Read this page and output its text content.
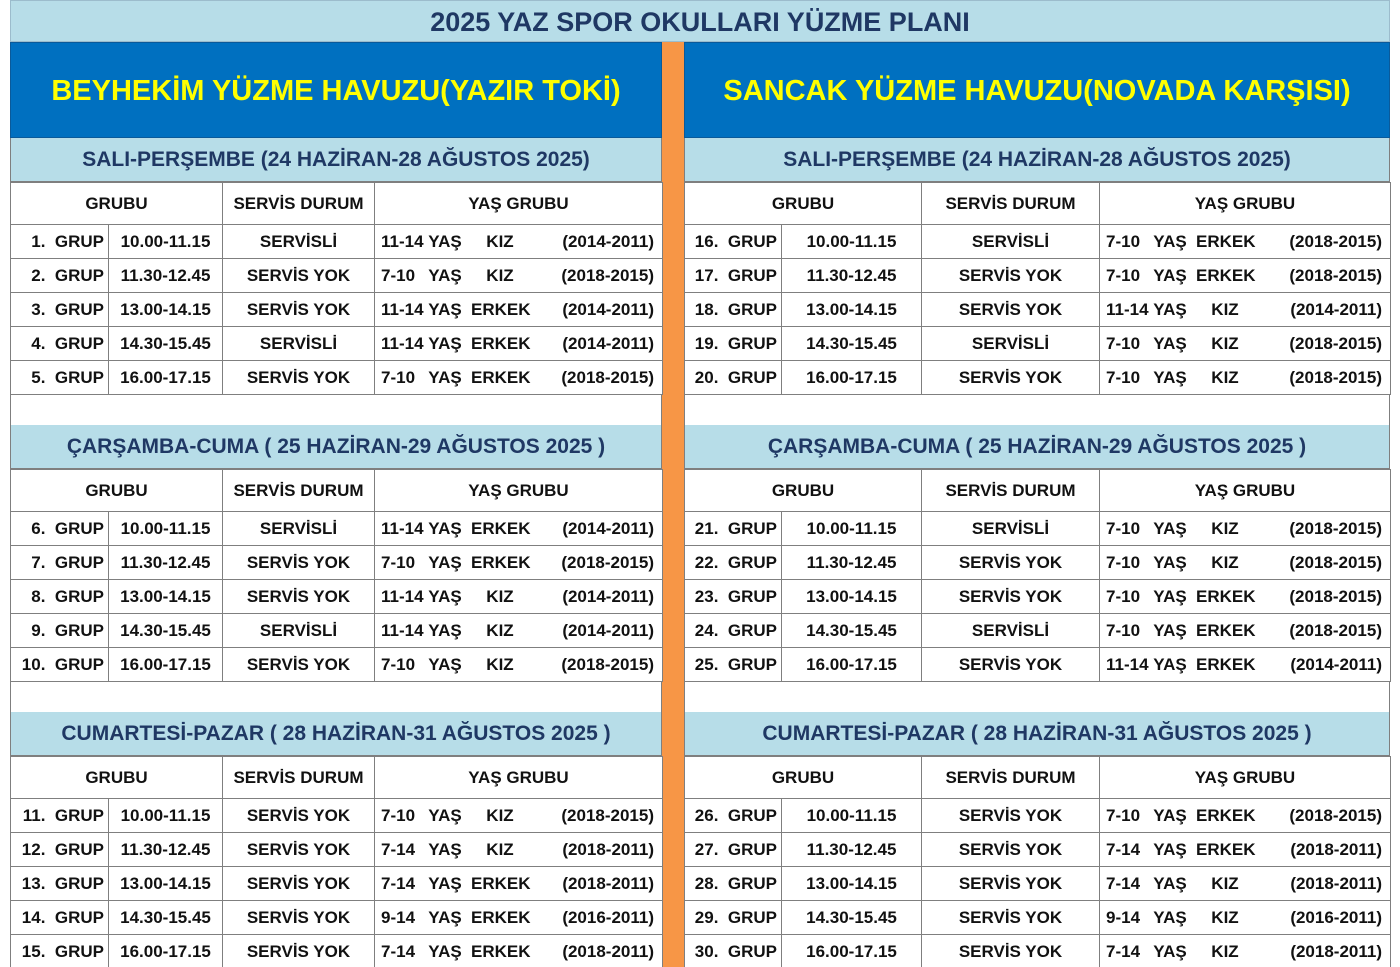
2025 YAZ SPOR OKULLARI YÜZME PLANI
BEYHEKİM YÜZME HAVUZU(YAZIR TOKİ)
SALI-PERŞEMBE (24 HAZİRAN-28 AĞUSTOS 2025)
GRUBU		SERVİS DURUM	YAŞ GRUBU
1. GRUP	10.00-11.15	SERVİSLİ	11-14 YAŞ KIZ (2014-2011)

2. GRUP	11.30-12.45	SERVİS YOK	7-10 YAŞ KIZ (2018-2015)

3. GRUP	13.00-14.15	SERVİS YOK	11-14 YAŞ ERKEK (2014-2011)

4. GRUP	14.30-15.45	SERVİSLİ	11-14 YAŞ ERKEK (2014-2011)

5. GRUP	16.00-17.15	SERVİS YOK	7-10 YAŞ ERKEK (2018-2015)
ÇARŞAMBA-CUMA ( 25 HAZİRAN-29 AĞUSTOS 2025 )
GRUBU		SERVİS DURUM	YAŞ GRUBU
6. GRUP	10.00-11.15	SERVİSLİ	11-14 YAŞ ERKEK (2014-2011)

7. GRUP	11.30-12.45	SERVİS YOK	7-10 YAŞ ERKEK (2018-2015)

8. GRUP	13.00-14.15	SERVİS YOK	11-14 YAŞ KIZ (2014-2011)

9. GRUP	14.30-15.45	SERVİSLİ	11-14 YAŞ KIZ (2014-2011)

10. GRUP	16.00-17.15	SERVİS YOK	7-10 YAŞ KIZ (2018-2015)
CUMARTESİ-PAZAR ( 28 HAZİRAN-31 AĞUSTOS 2025 )
GRUBU		SERVİS DURUM	YAŞ GRUBU
11. GRUP	10.00-11.15	SERVİS YOK	7-10 YAŞ KIZ (2018-2015)

12. GRUP	11.30-12.45	SERVİS YOK	7-14 YAŞ KIZ (2018-2011)

13. GRUP	13.00-14.15	SERVİS YOK	7-14 YAŞ ERKEK (2018-2011)

14. GRUP	14.30-15.45	SERVİS YOK	9-14 YAŞ ERKEK (2016-2011)

15. GRUP	16.00-17.15	SERVİS YOK	7-14 YAŞ ERKEK (2018-2011)
SANCAK YÜZME HAVUZU(NOVADA KARŞISI)
SALI-PERŞEMBE (24 HAZİRAN-28 AĞUSTOS 2025)
GRUBU		SERVİS DURUM	YAŞ GRUBU
16. GRUP	10.00-11.15	SERVİSLİ	7-10 YAŞ ERKEK (2018-2015)

17. GRUP	11.30-12.45	SERVİS YOK	7-10 YAŞ ERKEK (2018-2015)

18. GRUP	13.00-14.15	SERVİS YOK	11-14 YAŞ KIZ (2014-2011)

19. GRUP	14.30-15.45	SERVİSLİ	7-10 YAŞ KIZ (2018-2015)

20. GRUP	16.00-17.15	SERVİS YOK	7-10 YAŞ KIZ (2018-2015)
ÇARŞAMBA-CUMA ( 25 HAZİRAN-29 AĞUSTOS 2025 )
GRUBU		SERVİS DURUM	YAŞ GRUBU
21. GRUP	10.00-11.15	SERVİSLİ	7-10 YAŞ KIZ (2018-2015)

22. GRUP	11.30-12.45	SERVİS YOK	7-10 YAŞ KIZ (2018-2015)

23. GRUP	13.00-14.15	SERVİS YOK	7-10 YAŞ ERKEK (2018-2015)

24. GRUP	14.30-15.45	SERVİSLİ	7-10 YAŞ ERKEK (2018-2015)

25. GRUP	16.00-17.15	SERVİS YOK	11-14 YAŞ ERKEK (2014-2011)
CUMARTESİ-PAZAR ( 28 HAZİRAN-31 AĞUSTOS 2025 )
GRUBU		SERVİS DURUM	YAŞ GRUBU
26. GRUP	10.00-11.15	SERVİS YOK	7-10 YAŞ ERKEK (2018-2015)

27. GRUP	11.30-12.45	SERVİS YOK	7-14 YAŞ ERKEK (2018-2011)

28. GRUP	13.00-14.15	SERVİS YOK	7-14 YAŞ KIZ (2018-2011)

29. GRUP	14.30-15.45	SERVİS YOK	9-14 YAŞ KIZ (2016-2011)

30. GRUP	16.00-17.15	SERVİS YOK	7-14 YAŞ KIZ (2018-2011)
